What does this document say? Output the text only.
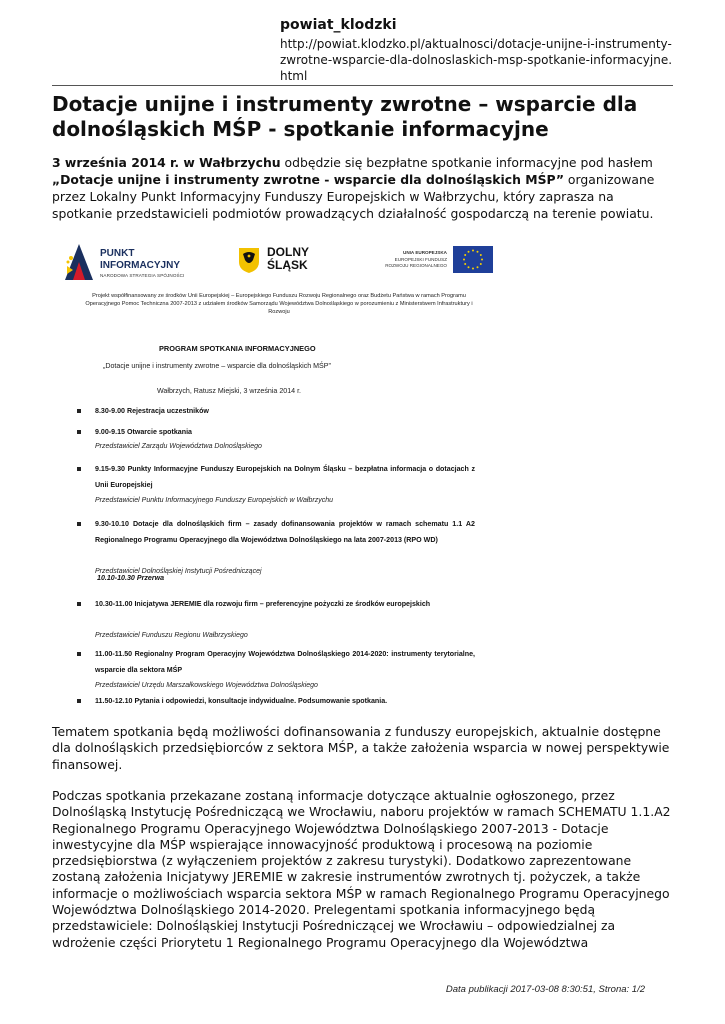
powiat_klodzki
http://powiat.klodzko.pl/aktualnosci/dotacje-unijne-i-instrumenty-zwrotne-wsparcie-dla-dolnoslaskich-msp-spotkanie-informacyjne.html
Dotacje unijne i instrumenty zwrotne – wsparcie dla dolnośląskich MŚP - spotkanie informacyjne

3 września 2014 r. w Wałbrzychu odbędzie się bezpłatne spotkanie informacyjne pod hasłem „Dotacje unijne i instrumenty zwrotne - wsparcie dla dolnośląskich MŚP” organizowane przez Lokalny Punkt Informacyjny Funduszy Europejskich w Wałbrzychu, który zaprasza na spotkanie przedstawicieli podmiotów prowadzących działalność gospodarczą na terenie powiatu.

PUNKT
INFORMACYJNY
NARODOWA STRATEGIA SPÓJNOŚCI
DOLNY
ŚLĄSK
UNIA EUROPEJSKA
EUROPEJSKI FUNDUSZ
ROZWOJU REGIONALNEGO
Projekt współfinansowany ze środków Unii Europejskiej – Europejskiego Funduszu Rozwoju Regionalnego oraz Budżetu Państwa w ramach Programu Operacyjnego Pomoc Techniczna 2007-2013 z udziałem środków Samorządu Województwa Dolnośląskiego w porozumieniu z Ministerstwem Infrastruktury i Rozwoju
PROGRAM SPOTKANIA INFORMACYJNEGO
„Dotacje unijne i instrumenty zwrotne – wsparcie dla dolnośląskich MŚP”
Wałbrzych, Ratusz Miejski, 3 września 2014 r.
8.30-9.00 Rejestracja uczestników
9.00-9.15 Otwarcie spotkania
Przedstawiciel Zarządu Województwa Dolnośląskiego
9.15-9.30 Punkty Informacyjne Funduszy Europejskich na Dolnym Śląsku – bezpłatna informacja o dotacjach z Unii Europejskiej
Przedstawiciel Punktu Informacyjnego Funduszy Europejskich w Wałbrzychu
9.30-10.10 Dotacje dla dolnośląskich firm – zasady dofinansowania projektów w ramach schematu 1.1 A2 Regionalnego Programu Operacyjnego dla Województwa Dolnośląskiego na lata 2007-2013 (RPO WD)
Przedstawiciel Dolnośląskiej Instytucji Pośredniczącej
10.30-11.00 Inicjatywa JEREMIE dla rozwoju firm – preferencyjne pożyczki ze środków europejskich
Przedstawiciel Funduszu Regionu Wałbrzyskiego
11.00-11.50 Regionalny Program Operacyjny Województwa Dolnośląskiego 2014-2020: instrumenty terytorialne, wsparcie dla sektora MŚP
Przedstawiciel Urzędu Marszałkowskiego Województwa Dolnośląskiego
11.50-12.10 Pytania i odpowiedzi, konsultacje indywidualne. Podsumowanie spotkania.
10.10-10.30 Przerwa

Tematem spotkania będą możliwości dofinansowania z funduszy europejskich, aktualnie dostępne dla dolnośląskich przedsiębiorców z sektora MŚP, a także założenia wsparcia w nowej perspektywie finansowej.

Podczas spotkania przekazane zostaną informacje dotyczące aktualnie ogłoszonego, przez Dolnośląską Instytucję Pośredniczącą we Wrocławiu, naboru projektów w ramach SCHEMATU 1.1.A2 Regionalnego Programu Operacyjnego Województwa Dolnośląskiego 2007-2013 - Dotacje inwestycyjne dla MŚP wspierające innowacyjność produktową i procesową na poziomie przedsiębiorstwa (z wyłączeniem projektów z zakresu turystyki). Dodatkowo zaprezentowane zostaną założenia Inicjatywy JEREMIE w zakresie instrumentów zwrotnych tj. pożyczek, a także informacje o możliwościach wsparcia sektora MŚP w ramach Regionalnego Programu Operacyjnego Województwa Dolnośląskiego 2014-2020. Prelegentami spotkania informacyjnego będą przedstawiciele: Dolnośląskiej Instytucji Pośredniczącej we Wrocławiu – odpowiedzialnej za wdrożenie części Priorytetu 1 Regionalnego Programu Operacyjnego dla Województwa

Data publikacji 2017-03-08 8:30:51, Strona: 1/2
